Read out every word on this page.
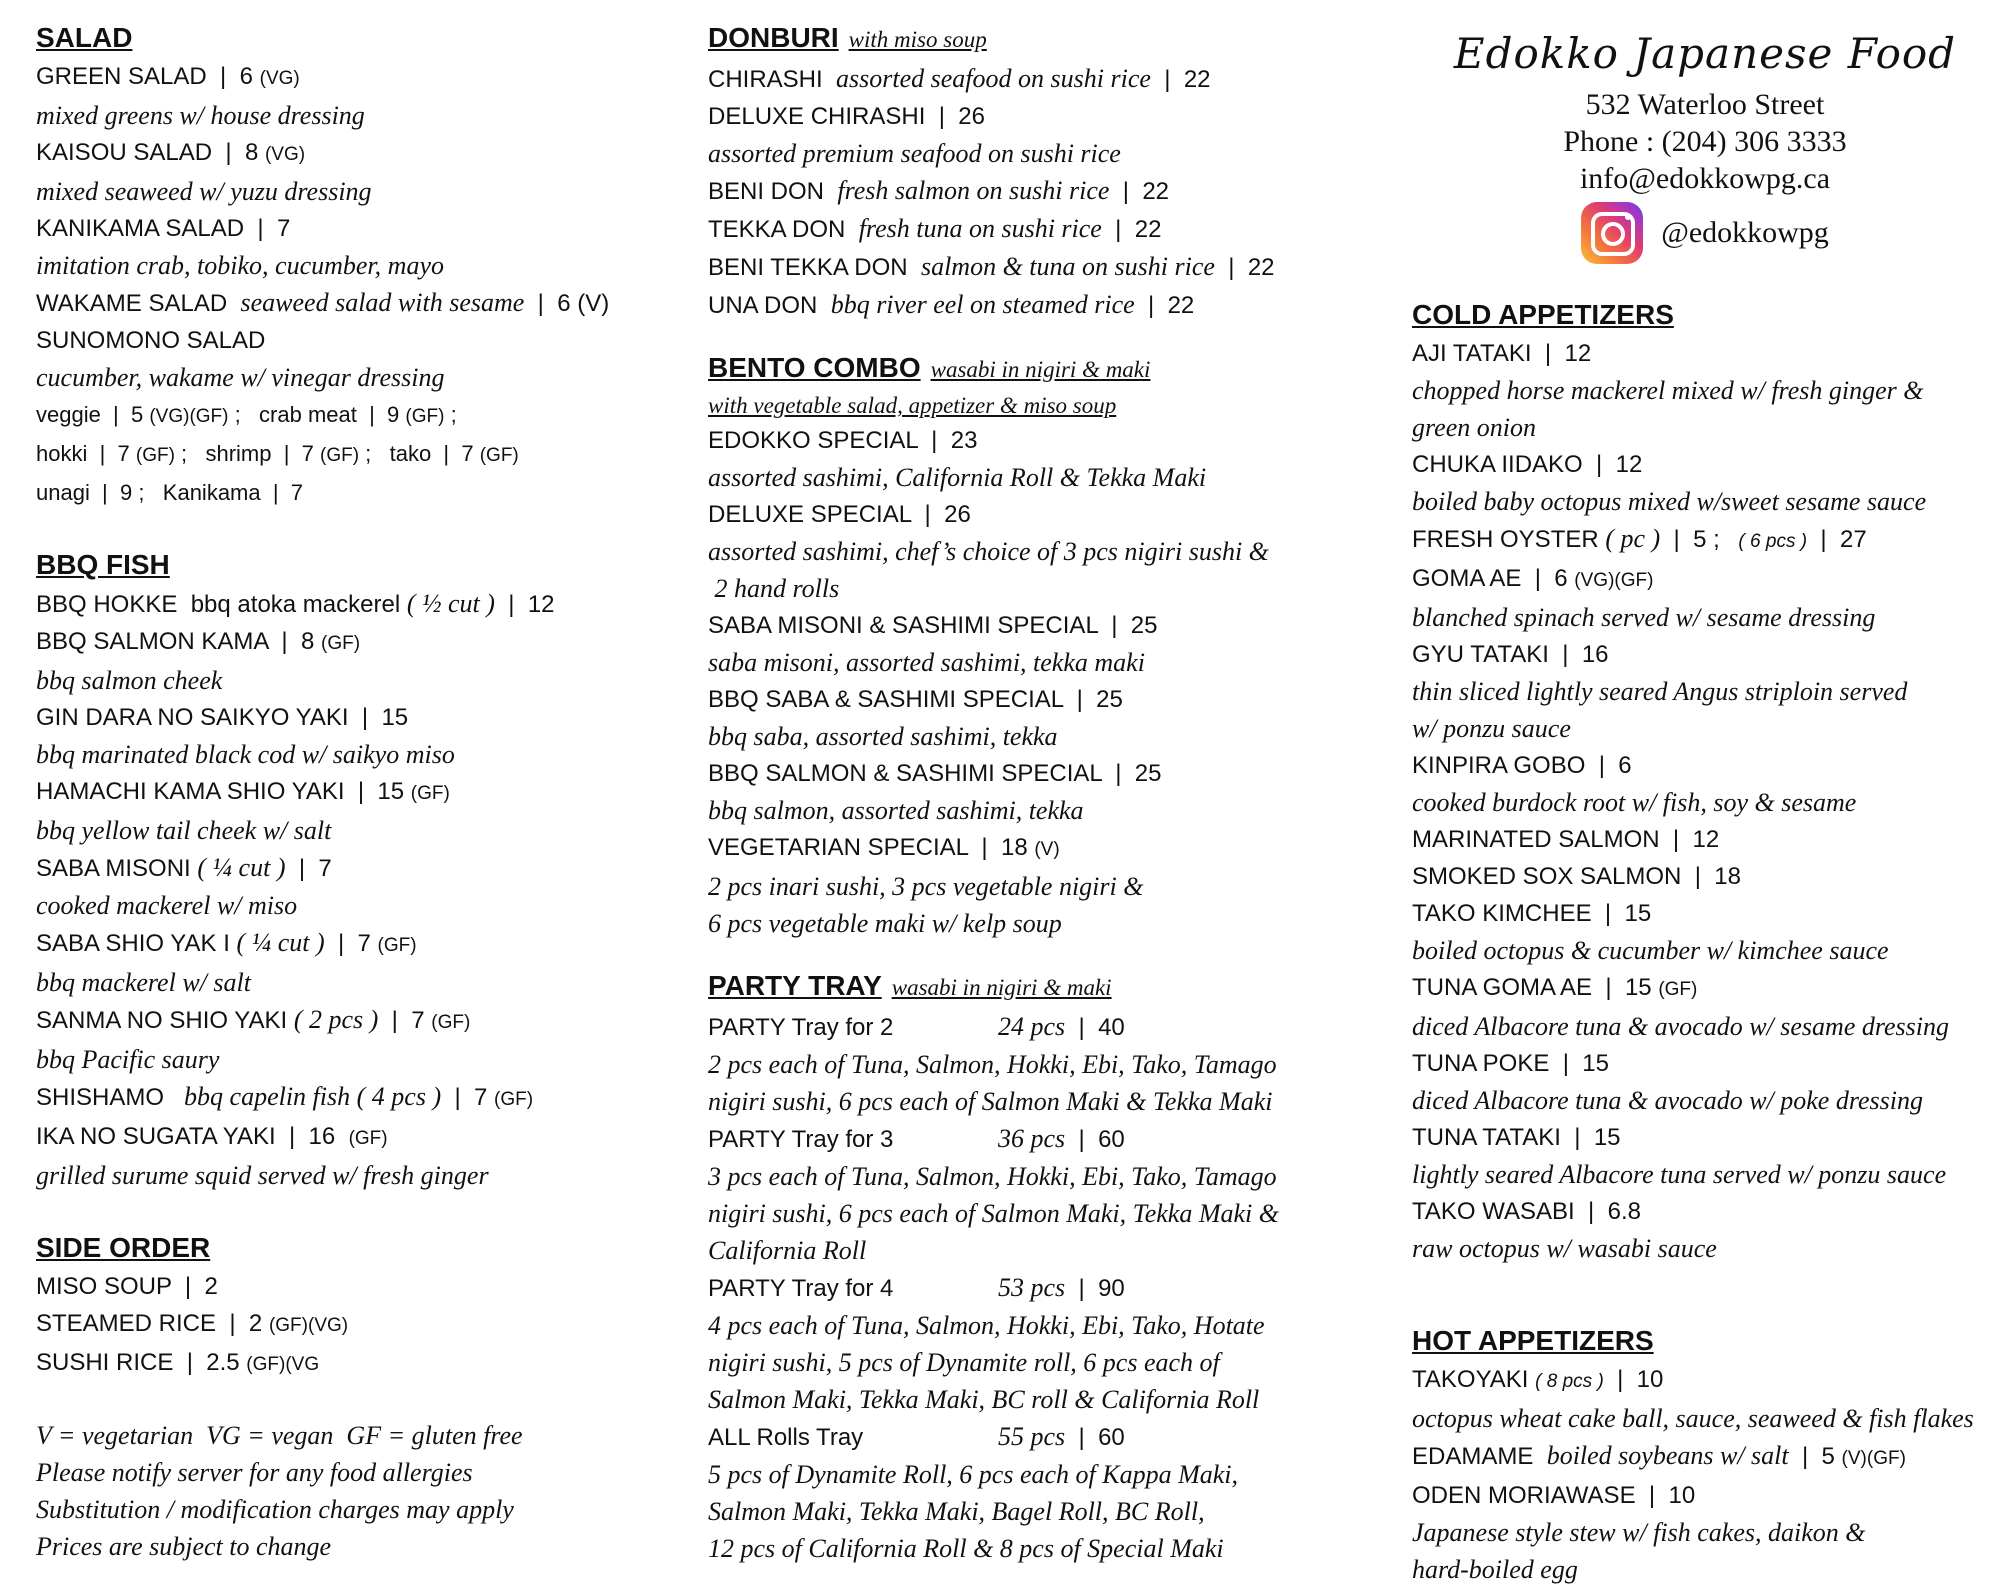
SALAD
GREEN SALAD  |  6 (VG)
mixed greens w/ house dressing
KAISOU SALAD  |  8 (VG)
mixed seaweed w/ yuzu dressing
KANIKAMA SALAD  |  7
imitation crab, tobiko, cucumber, mayo
WAKAME SALAD  seaweed salad with sesame  |  6 (V)
SUNOMONO SALAD
cucumber, wakame w/ vinegar dressing
veggie  |  5 (VG)(GF) ;   crab meat  |  9 (GF) ;
hokki  |  7 (GF) ;   shrimp  |  7 (GF) ;   tako  |  7 (GF)
unagi  |  9 ;   Kanikama  |  7
BBQ FISH
BBQ HOKKE  bbq atoka mackerel ( ½ cut )  |  12
BBQ SALMON KAMA  |  8 (GF)
bbq salmon cheek
GIN DARA NO SAIKYO YAKI  |  15
bbq marinated black cod w/ saikyo miso
HAMACHI KAMA SHIO YAKI  |  15 (GF)
bbq yellow tail cheek w/ salt
SABA MISONI ( ¼ cut )  |  7
cooked mackerel w/ miso
SABA SHIO YAK I ( ¼ cut )  |  7 (GF)
bbq mackerel w/ salt
SANMA NO SHIO YAKI ( 2 pcs )  |  7 (GF)
bbq Pacific saury
SHISHAMO   bbq capelin fish ( 4 pcs )  |  7 (GF)
IKA NO SUGATA YAKI  |  16  (GF)
grilled surume squid served w/ fresh ginger
SIDE ORDER
MISO SOUP  |  2
STEAMED RICE  |  2 (GF)(VG)
SUSHI RICE  |  2.5 (GF)(VG
V = vegetarian  VG = vegan  GF = gluten free
Please notify server for any food allergies
Substitution / modification charges may apply
Prices are subject to change
DONBURI with miso soup
CHIRASHI  assorted seafood on sushi rice  |  22
DELUXE CHIRASHI  |  26
assorted premium seafood on sushi rice
BENI DON  fresh salmon on sushi rice  |  22
TEKKA DON  fresh tuna on sushi rice  |  22
BENI TEKKA DON  salmon & tuna on sushi rice  |  22
UNA DON  bbq river eel on steamed rice  |  22
BENTO COMBO wasabi in nigiri & maki
with vegetable salad, appetizer & miso soup
EDOKKO SPECIAL  |  23
assorted sashimi, California Roll & Tekka Maki
DELUXE SPECIAL  |  26
assorted sashimi, chef’s choice of 3 pcs nigiri sushi &
2 hand rolls
SABA MISONI & SASHIMI SPECIAL  |  25
saba misoni, assorted sashimi, tekka maki
BBQ SABA & SASHIMI SPECIAL  |  25
bbq saba, assorted sashimi, tekka
BBQ SALMON & SASHIMI SPECIAL  |  25
bbq salmon, assorted sashimi, tekka
VEGETARIAN SPECIAL  |  18 (V)
2 pcs inari sushi, 3 pcs vegetable nigiri &
6 pcs vegetable maki w/ kelp soup
PARTY TRAY wasabi in nigiri & maki
PARTY Tray for 2	24 pcs  |  40
2 pcs each of Tuna, Salmon, Hokki, Ebi, Tako, Tamago
nigiri sushi, 6 pcs each of Salmon Maki & Tekka Maki
PARTY Tray for 3	36 pcs  |  60
3 pcs each of Tuna, Salmon, Hokki, Ebi, Tako, Tamago
nigiri sushi, 6 pcs each of Salmon Maki, Tekka Maki &
California Roll
PARTY Tray for 4	53 pcs  |  90
4 pcs each of Tuna, Salmon, Hokki, Ebi, Tako, Hotate
nigiri sushi, 5 pcs of Dynamite roll, 6 pcs each of
Salmon Maki, Tekka Maki, BC roll & California Roll
ALL Rolls Tray	55 pcs  |  60
5 pcs of Dynamite Roll, 6 pcs each of Kappa Maki,
Salmon Maki, Tekka Maki, Bagel Roll, BC Roll,
12 pcs of California Roll & 8 pcs of Special Maki
Edokko Japanese Food
532 Waterloo Street
Phone : (204) 306 3333
info@edokkowpg.ca
@edokkowpg
COLD APPETIZERS
AJI TATAKI  |  12
chopped horse mackerel mixed w/ fresh ginger &
green onion
CHUKA IIDAKO  |  12
boiled baby octopus mixed w/sweet sesame sauce
FRESH OYSTER ( pc )  |  5 ;   ( 6 pcs )  |  27
GOMA AE  |  6 (VG)(GF)
blanched spinach served w/ sesame dressing
GYU TATAKI  |  16
thin sliced lightly seared Angus striploin served
w/ ponzu sauce
KINPIRA GOBO  |  6
cooked burdock root w/ fish, soy & sesame
MARINATED SALMON  |  12
SMOKED SOX SALMON  |  18
TAKO KIMCHEE  |  15
boiled octopus & cucumber w/ kimchee sauce
TUNA GOMA AE  |  15 (GF)
diced Albacore tuna & avocado w/ sesame dressing
TUNA POKE  |  15
diced Albacore tuna & avocado w/ poke dressing
TUNA TATAKI  |  15
lightly seared Albacore tuna served w/ ponzu sauce
TAKO WASABI  |  6.8
raw octopus w/ wasabi sauce
HOT APPETIZERS
TAKOYAKI ( 8 pcs )  |  10
octopus wheat cake ball, sauce, seaweed & fish flakes
EDAMAME  boiled soybeans w/ salt  |  5 (V)(GF)
ODEN MORIAWASE  |  10
Japanese style stew w/ fish cakes, daikon &
hard-boiled egg
